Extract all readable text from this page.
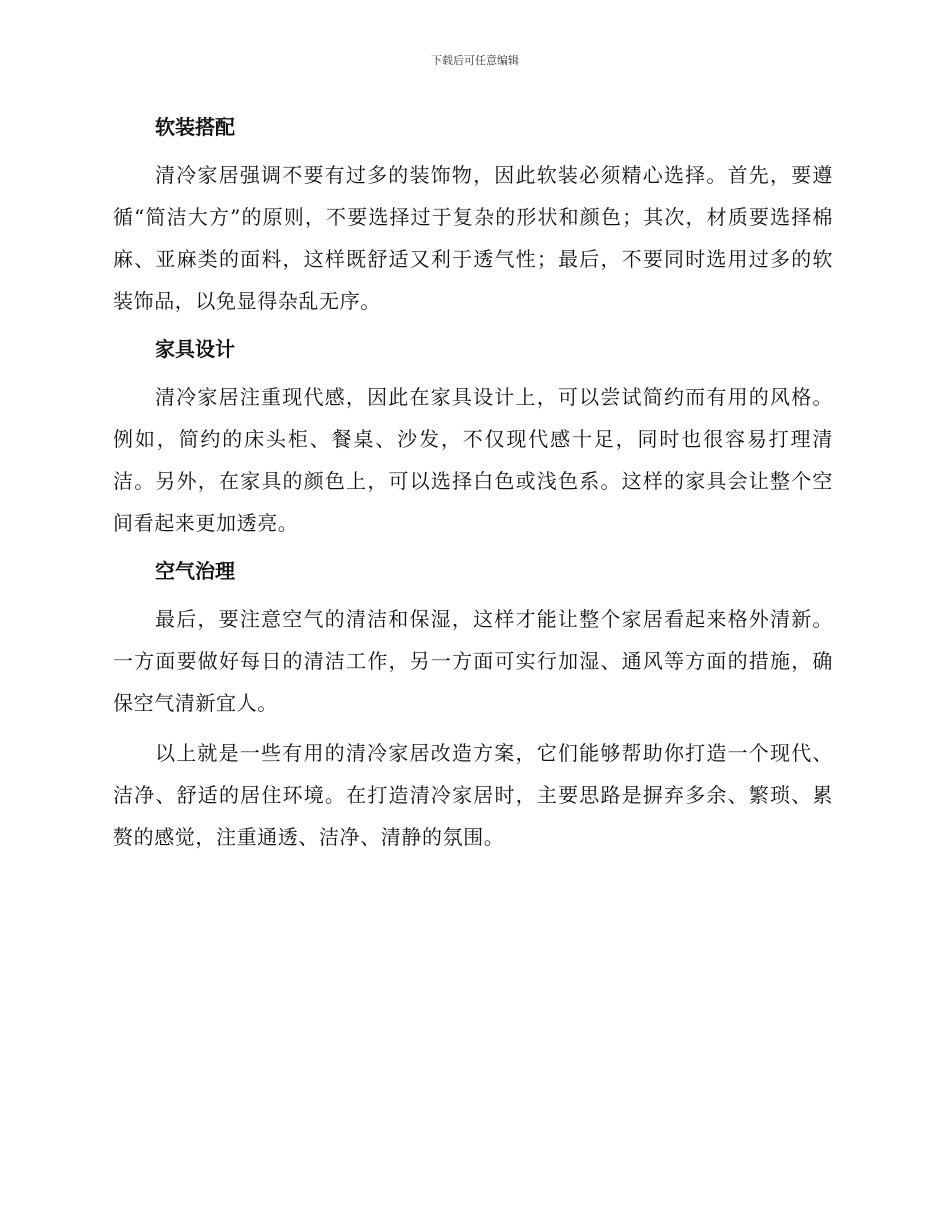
下载后可任意编辑
软装搭配

清冷家居强调不要有过多的装饰物，因此软装必须精心选择。首先，要遵循“简洁大方”的原则，不要选择过于复杂的形状和颜色；其次，材质要选择棉麻、亚麻类的面料，这样既舒适又利于透气性；最后，不要同时选用过多的软装饰品，以免显得杂乱无序。

家具设计

清冷家居注重现代感，因此在家具设计上，可以尝试简约而有用的风格。例如，简约的床头柜、餐桌、沙发，不仅现代感十足，同时也很容易打理清洁。另外，在家具的颜色上，可以选择白色或浅色系。这样的家具会让整个空间看起来更加透亮。

空气治理

最后，要注意空气的清洁和保湿，这样才能让整个家居看起来格外清新。一方面要做好每日的清洁工作，另一方面可实行加湿、通风等方面的措施，确保空气清新宜人。

以上就是一些有用的清冷家居改造方案，它们能够帮助你打造一个现代、洁净、舒适的居住环境。在打造清冷家居时，主要思路是摒弃多余、繁琐、累赘的感觉，注重通透、洁净、清静的氛围。
